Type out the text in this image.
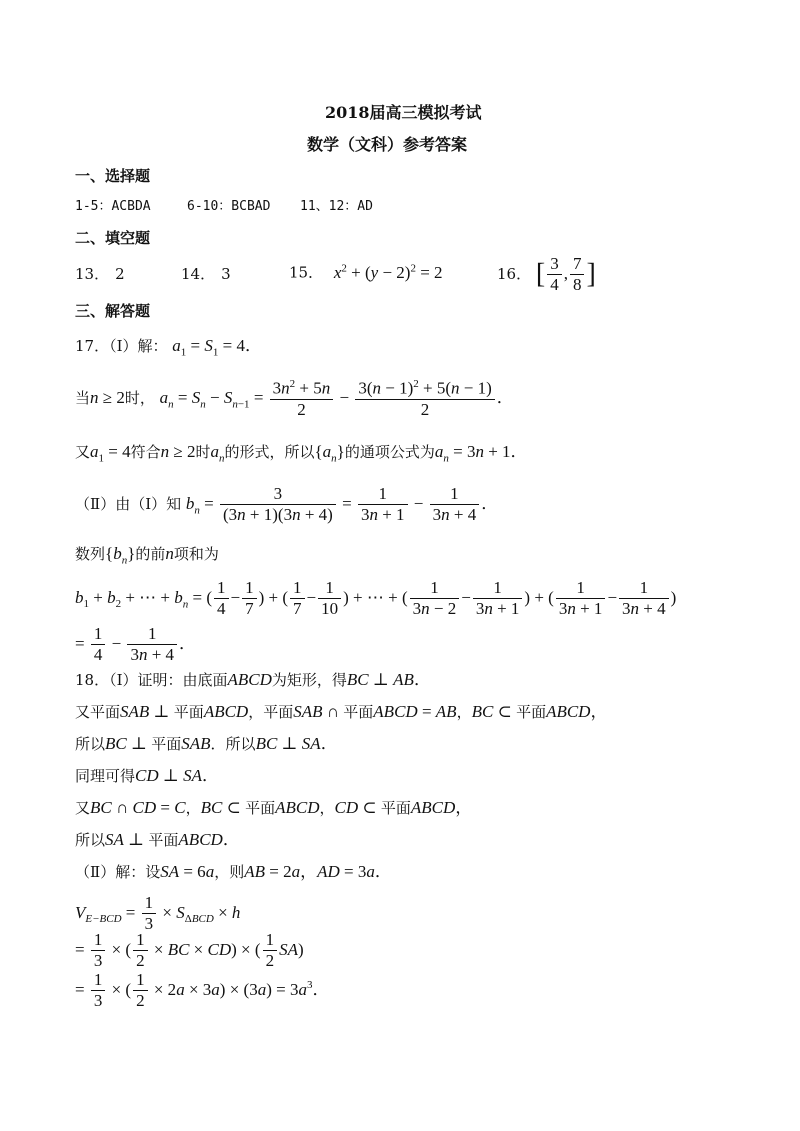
2018届高三模拟考试
数学（文科）参考答案
一、选择题
1-5：ACBDA	6-10：BCBAD 11、12：AD
二、填空题
13． 2	14． 3	15． $x^2 + (y - 2)^2 = 2$	16． [ $\frac{3}{4}$ , $\frac{7}{8}$ ]
三、解答题
17．（Ⅰ）解： $a_1 = S_1 = 4$．
当n ≥ 2时， $a_n = S_n - S_{n-1} = \frac{3n^2 + 5n}{2} - \frac{3(n - 1)^2 + 5(n - 1)}{2}$ ．
又$a_1 = 4$符合n ≥ 2时$a_n$的形式，所以$\{a_n\}$的通项公式为$a_n = 3n + 1$．
（Ⅱ）由（Ⅰ）知 $b_n = \frac{3}{(3n + 1)(3n + 4)} = \frac{1}{3n + 1} - \frac{1}{3n + 4}$ ．
数列$\{b_n\}$的前n项和为
$b_1 + b_2$ + ⋯ + $b_n$ = ( $\frac{1}{4} - \frac{1}{7}$ ) + ( $\frac{1}{7} - \frac{1}{10}$ ) + ⋯ + ( $\frac{1}{3n - 2} - \frac{1}{3n + 1}$ ) + ( $\frac{1}{3n + 1} - \frac{1}{3n + 4}$ )
= $\frac{1}{4} - \frac{1}{3n + 4}$ ．
18．（Ⅰ）证明：由底面ABCD为矩形，得BC ⊥ AB．
又平面SAB ⊥ 平面ABCD，平面SAB ∩ 平面ABCD = AB，BC ⊂ 平面ABCD，
所以BC ⊥ 平面SAB．所以BC ⊥ SA．
同理可得CD ⊥ SA．
又BC ∩ CD = C，BC ⊂ 平面ABCD，CD ⊂ 平面ABCD，
所以SA ⊥ 平面ABCD．
（Ⅱ）解：设SA = 6a，则AB = 2a，AD = 3a．
$V_{E-BCD} = \frac{1}{3} \times S_{\Delta BCD} \times h$
= $\frac{1}{3}$ × ( $\frac{1}{2}$ × BC × CD) × ( $\frac{1}{2} SA$)
= $\frac{1}{3}$ × ( $\frac{1}{2} \times 2a \times 3a) \times (3a) = 3a^3$．
